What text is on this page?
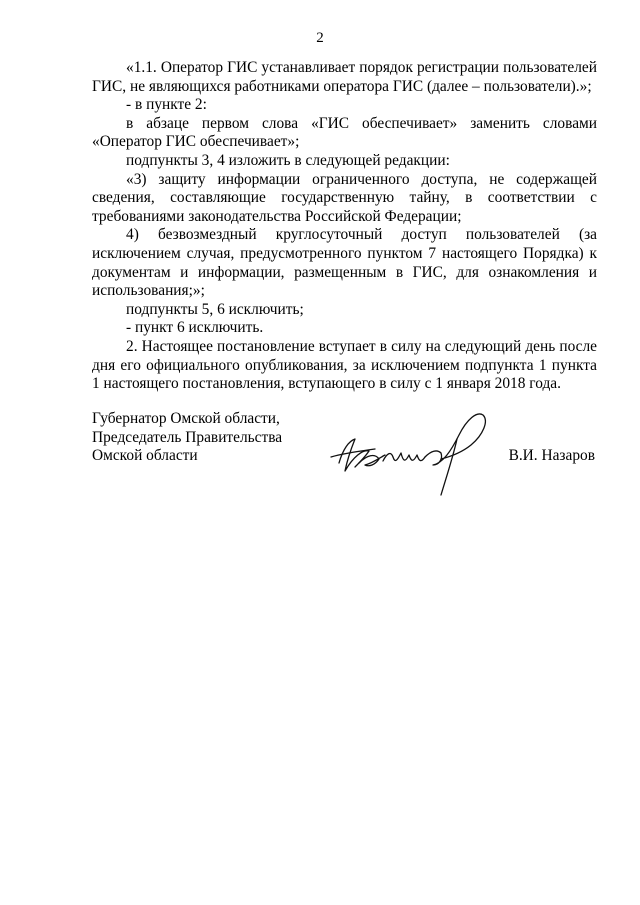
2

«1.1. Оператор ГИС устанавливает порядок регистрации пользователей ГИС, не являющихся работниками оператора ГИС (далее – пользователи).»;

- в пункте 2:

в абзаце первом слова «ГИС обеспечивает» заменить словами «Оператор ГИС обеспечивает»;

подпункты 3, 4 изложить в следующей редакции:

«3) защиту информации ограниченного доступа, не содержащей сведения, составляющие государственную тайну, в соответствии с требованиями законодательства Российской Федерации;

4) безвозмездный круглосуточный доступ пользователей (за исключением случая, предусмотренного пунктом 7 настоящего Порядка) к документам и информации, размещенным в ГИС, для ознакомления и использования;»;

подпункты 5, 6 исключить;

- пункт 6 исключить.

2. Настоящее постановление вступает в силу на следующий день после дня его официального опубликования, за исключением подпункта 1 пункта 1 настоящего постановления, вступающего в силу с 1 января 2018 года.

Губернатор Омской области,
Председатель Правительства
Омской области	В.И. Назаров
